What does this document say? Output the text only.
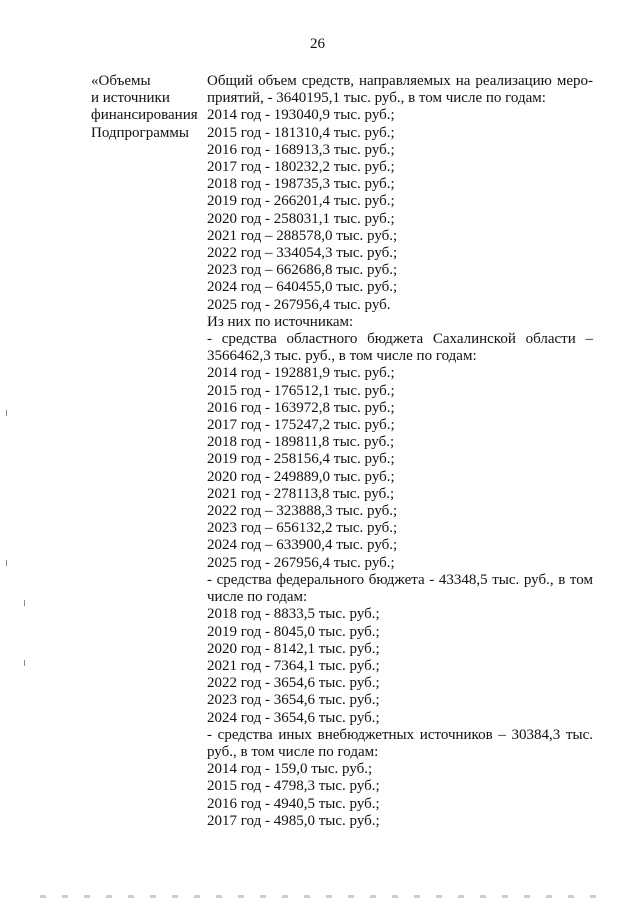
26
«Объемы
и источники
финансирования
Подпрограммы
Общий объем средств, направляемых на реализацию меро-
приятий, - 3640195,1 тыс. руб., в том числе по годам:
2014 год - 193040,9 тыс. руб.;
2015 год - 181310,4 тыс. руб.;
2016 год - 168913,3 тыс. руб.;
2017 год - 180232,2 тыс. руб.;
2018 год - 198735,3 тыс. руб.;
2019 год - 266201,4 тыс. руб.;
2020 год - 258031,1 тыс. руб.;
2021 год – 288578,0 тыс. руб.;
2022 год – 334054,3 тыс. руб.;
2023 год – 662686,8 тыс. руб.;
2024 год – 640455,0 тыс. руб.;
2025 год - 267956,4 тыс. руб.
Из них по источникам:
- средства областного бюджета Сахалинской области –
3566462,3 тыс. руб., в том числе по годам:
2014 год - 192881,9 тыс. руб.;
2015 год - 176512,1 тыс. руб.;
2016 год - 163972,8 тыс. руб.;
2017 год - 175247,2 тыс. руб.;
2018 год - 189811,8 тыс. руб.;
2019 год - 258156,4 тыс. руб.;
2020 год - 249889,0 тыс. руб.;
2021 год - 278113,8 тыс. руб.;
2022 год – 323888,3 тыс. руб.;
2023 год – 656132,2 тыс. руб.;
2024 год – 633900,4 тыс. руб.;
2025 год - 267956,4 тыс. руб.;
- средства федерального бюджета - 43348,5 тыс. руб., в том
числе по годам:
2018 год - 8833,5 тыс. руб.;
2019 год - 8045,0 тыс. руб.;
2020 год - 8142,1 тыс. руб.;
2021 год - 7364,1 тыс. руб.;
2022 год - 3654,6 тыс. руб.;
2023 год - 3654,6 тыс. руб.;
2024 год - 3654,6 тыс. руб.;
- средства иных внебюджетных источников – 30384,3 тыс.
руб., в том числе по годам:
2014 год - 159,0 тыс. руб.;
2015 год - 4798,3 тыс. руб.;
2016 год - 4940,5 тыс. руб.;
2017 год - 4985,0 тыс. руб.;
